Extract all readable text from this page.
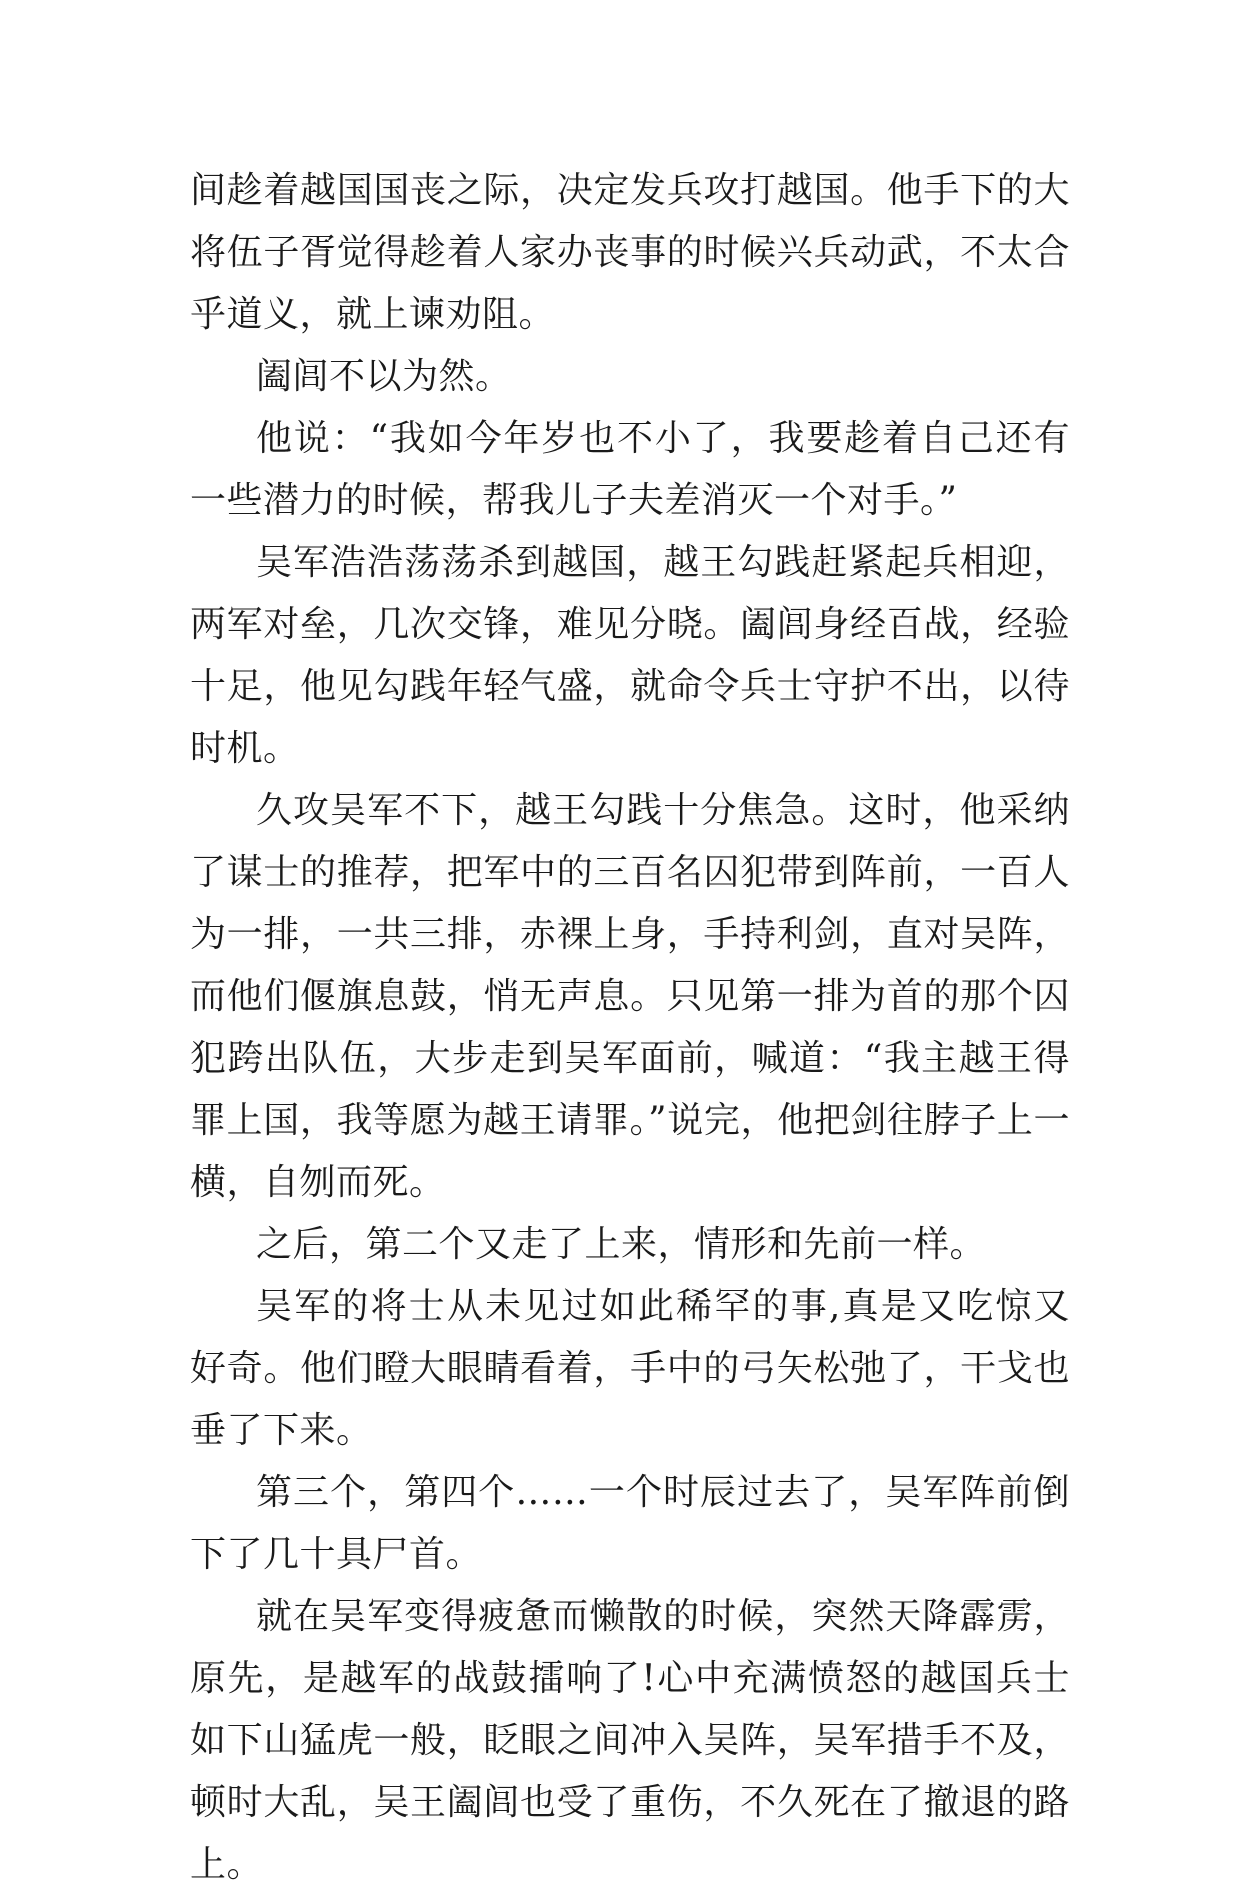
间趁着越国国丧之际，决定发兵攻打越国。他手下的大将伍子胥觉得趁着人家办丧事的时候兴兵动武，不太合乎道义，就上谏劝阻。

阖闾不以为然。

他说：“我如今年岁也不小了，我要趁着自己还有一些潜力的时候，帮我儿子夫差消灭一个对手。”

吴军浩浩荡荡杀到越国，越王勾践赶紧起兵相迎，两军对垒，几次交锋，难见分晓。阖闾身经百战，经验十足，他见勾践年轻气盛，就命令兵士守护不出，以待时机。

久攻吴军不下，越王勾践十分焦急。这时，他采纳了谋士的推荐，把军中的三百名囚犯带到阵前，一百人为一排，一共三排，赤裸上身，手持利剑，直对吴阵，而他们偃旗息鼓，悄无声息。只见第一排为首的那个囚犯跨出队伍，大步走到吴军面前，喊道：“我主越王得罪上国，我等愿为越王请罪。”说完，他把剑往脖子上一横，自刎而死。

之后，第二个又走了上来，情形和先前一样。

吴军的将士从未见过如此稀罕的事,真是又吃惊又好奇。他们瞪大眼睛看着，手中的弓矢松弛了，干戈也垂了下来。

第三个，第四个……一个时辰过去了，吴军阵前倒下了几十具尸首。

就在吴军变得疲惫而懒散的时候，突然天降霹雳，原先，是越军的战鼓擂响了!心中充满愤怒的越国兵士如下山猛虎一般，眨眼之间冲入吴阵，吴军措手不及，顿时大乱，吴王阖闾也受了重伤，不久死在了撤退的路上。
